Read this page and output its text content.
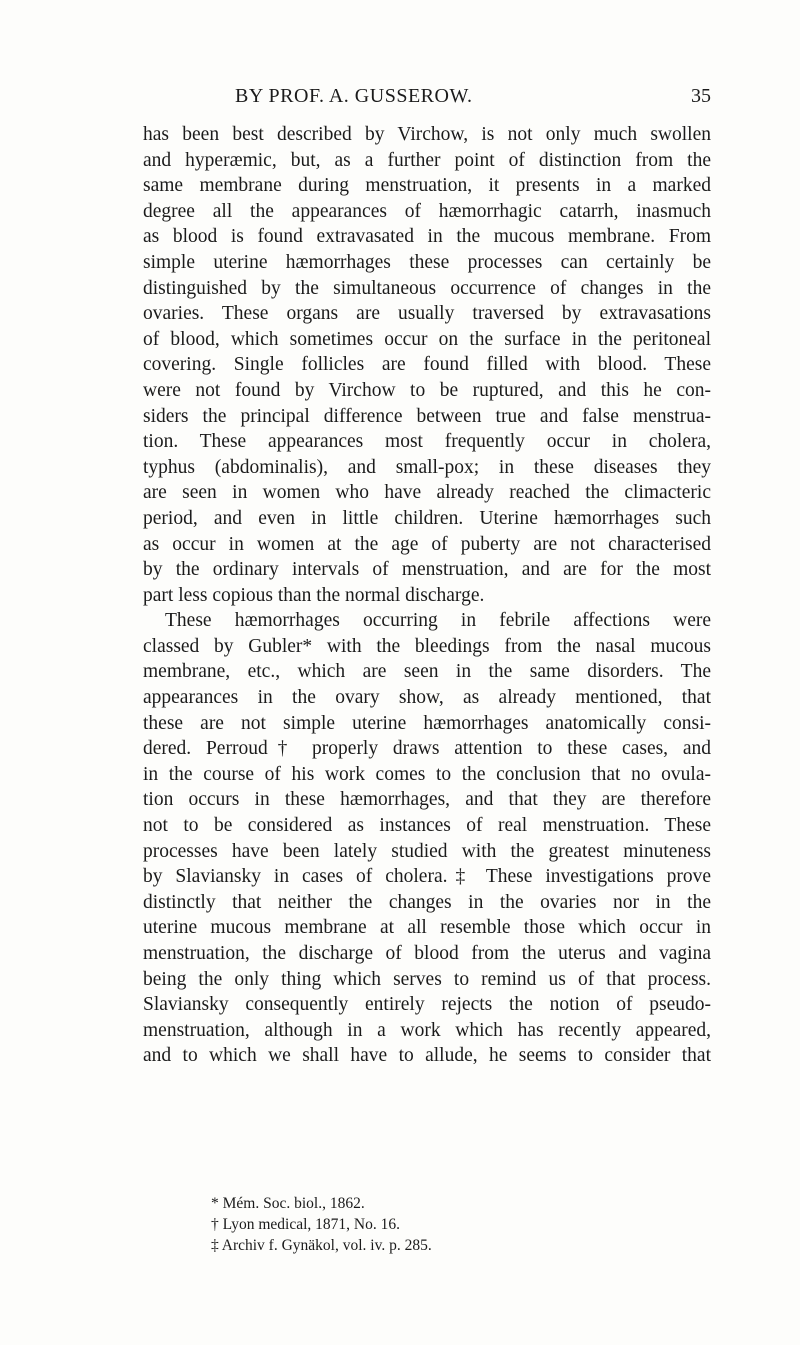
BY PROF. A. GUSSEROW.	35
has been best described by Virchow, is not only much swollen
and hyperæmic, but, as a further point of distinction from the
same membrane during menstruation, it presents in a marked
degree all the appearances of hæmorrhagic catarrh, inasmuch
as blood is found extravasated in the mucous membrane. From
simple uterine hæmorrhages these processes can certainly be
distinguished by the simultaneous occurrence of changes in the
ovaries. These organs are usually traversed by extravasations
of blood, which sometimes occur on the surface in the peritoneal
covering. Single follicles are found filled with blood. These
were not found by Virchow to be ruptured, and this he con-
siders the principal difference between true and false menstrua-
tion. These appearances most frequently occur in cholera,
typhus (abdominalis), and small-pox; in these diseases they
are seen in women who have already reached the climacteric
period, and even in little children. Uterine hæmorrhages such
as occur in women at the age of puberty are not characterised
by the ordinary intervals of menstruation, and are for the most
part less copious than the normal discharge.
These hæmorrhages occurring in febrile affections were
classed by Gubler* with the bleedings from the nasal mucous
membrane, etc., which are seen in the same disorders. The
appearances in the ovary show, as already mentioned, that
these are not simple uterine hæmorrhages anatomically consi-
dered. Perroud† properly draws attention to these cases, and
in the course of his work comes to the conclusion that no ovula-
tion occurs in these hæmorrhages, and that they are therefore
not to be considered as instances of real menstruation. These
processes have been lately studied with the greatest minuteness
by Slaviansky in cases of cholera.‡ These investigations prove
distinctly that neither the changes in the ovaries nor in the
uterine mucous membrane at all resemble those which occur in
menstruation, the discharge of blood from the uterus and vagina
being the only thing which serves to remind us of that process.
Slaviansky consequently entirely rejects the notion of pseudo-
menstruation, although in a work which has recently appeared,
and to which we shall have to allude, he seems to consider that
* Mém. Soc. biol., 1862.
† Lyon medical, 1871, No. 16.
‡ Archiv f. Gynäkol, vol. iv. p. 285.
